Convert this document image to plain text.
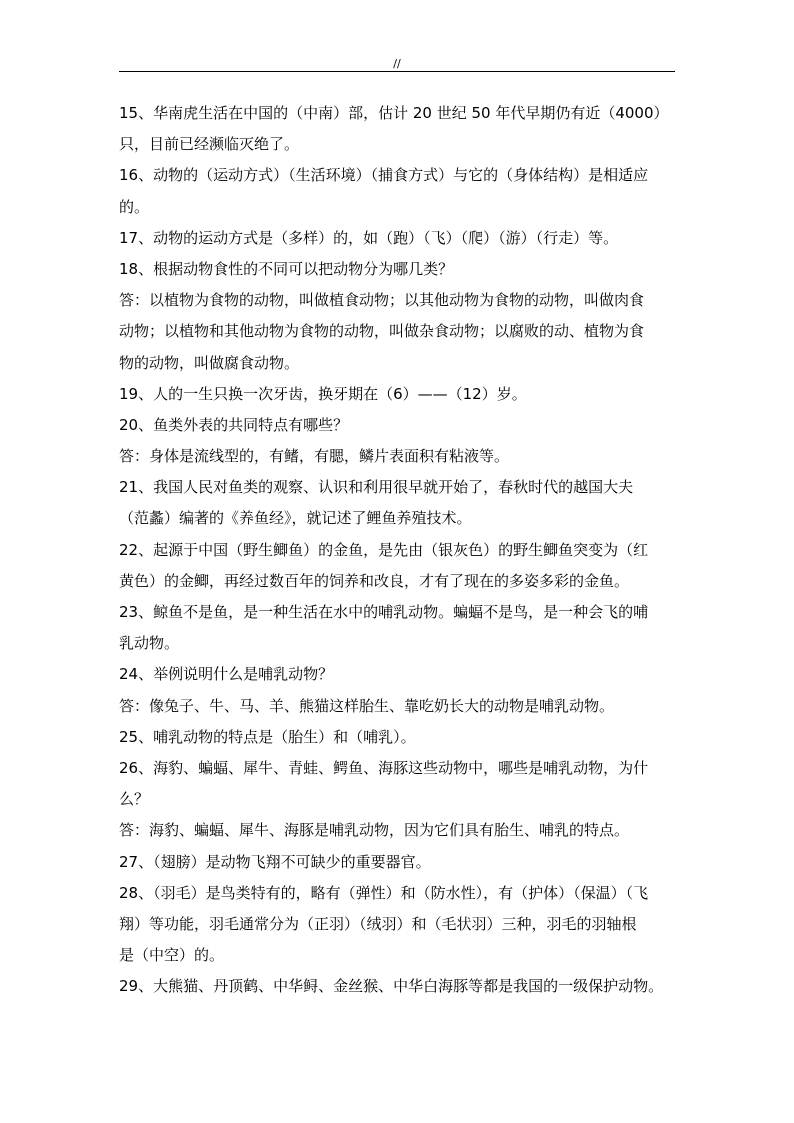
//
15、华南虎生活在中国的（中南）部，估计 20 世纪 50 年代早期仍有近（4000）
只，目前已经濒临灭绝了。
16、动物的（运动方式）（生活环境）（捕食方式）与它的（身体结构）是相适应
的。
17、动物的运动方式是（多样）的，如（跑）（飞）（爬）（游）（行走）等。
18、根据动物食性的不同可以把动物分为哪几类？
答：以植物为食物的动物，叫做植食动物；以其他动物为食物的动物，叫做肉食
动物；以植物和其他动物为食物的动物，叫做杂食动物；以腐败的动、植物为食
物的动物，叫做腐食动物。
19、人的一生只换一次牙齿，换牙期在（6）——（12）岁。
20、鱼类外表的共同特点有哪些？
答：身体是流线型的，有鳍，有腮，鳞片表面积有粘液等。
21、我国人民对鱼类的观察、认识和利用很早就开始了，春秋时代的越国大夫
（范蠡）编著的《养鱼经》，就记述了鲤鱼养殖技术。
22、起源于中国（野生鲫鱼）的金鱼，是先由（银灰色）的野生鲫鱼突变为（红
黄色）的金鲫，再经过数百年的饲养和改良，才有了现在的多姿多彩的金鱼。
23、鲸鱼不是鱼，是一种生活在水中的哺乳动物。蝙蝠不是鸟，是一种会飞的哺
乳动物。
24、举例说明什么是哺乳动物？
答：像兔子、牛、马、羊、熊猫这样胎生、靠吃奶长大的动物是哺乳动物。
25、哺乳动物的特点是（胎生）和（哺乳）。
26、海豹、蝙蝠、犀牛、青蛙、鳄鱼、海豚这些动物中，哪些是哺乳动物，为什
么？
答：海豹、蝙蝠、犀牛、海豚是哺乳动物，因为它们具有胎生、哺乳的特点。
27、（翅膀）是动物飞翔不可缺少的重要器官。
28、（羽毛）是鸟类特有的，略有（弹性）和（防水性），有（护体）（保温）（飞
翔）等功能，羽毛通常分为（正羽）（绒羽）和（毛状羽）三种，羽毛的羽轴根
是（中空）的。
29、大熊猫、丹顶鹤、中华鲟、金丝猴、中华白海豚等都是我国的一级保护动物。
